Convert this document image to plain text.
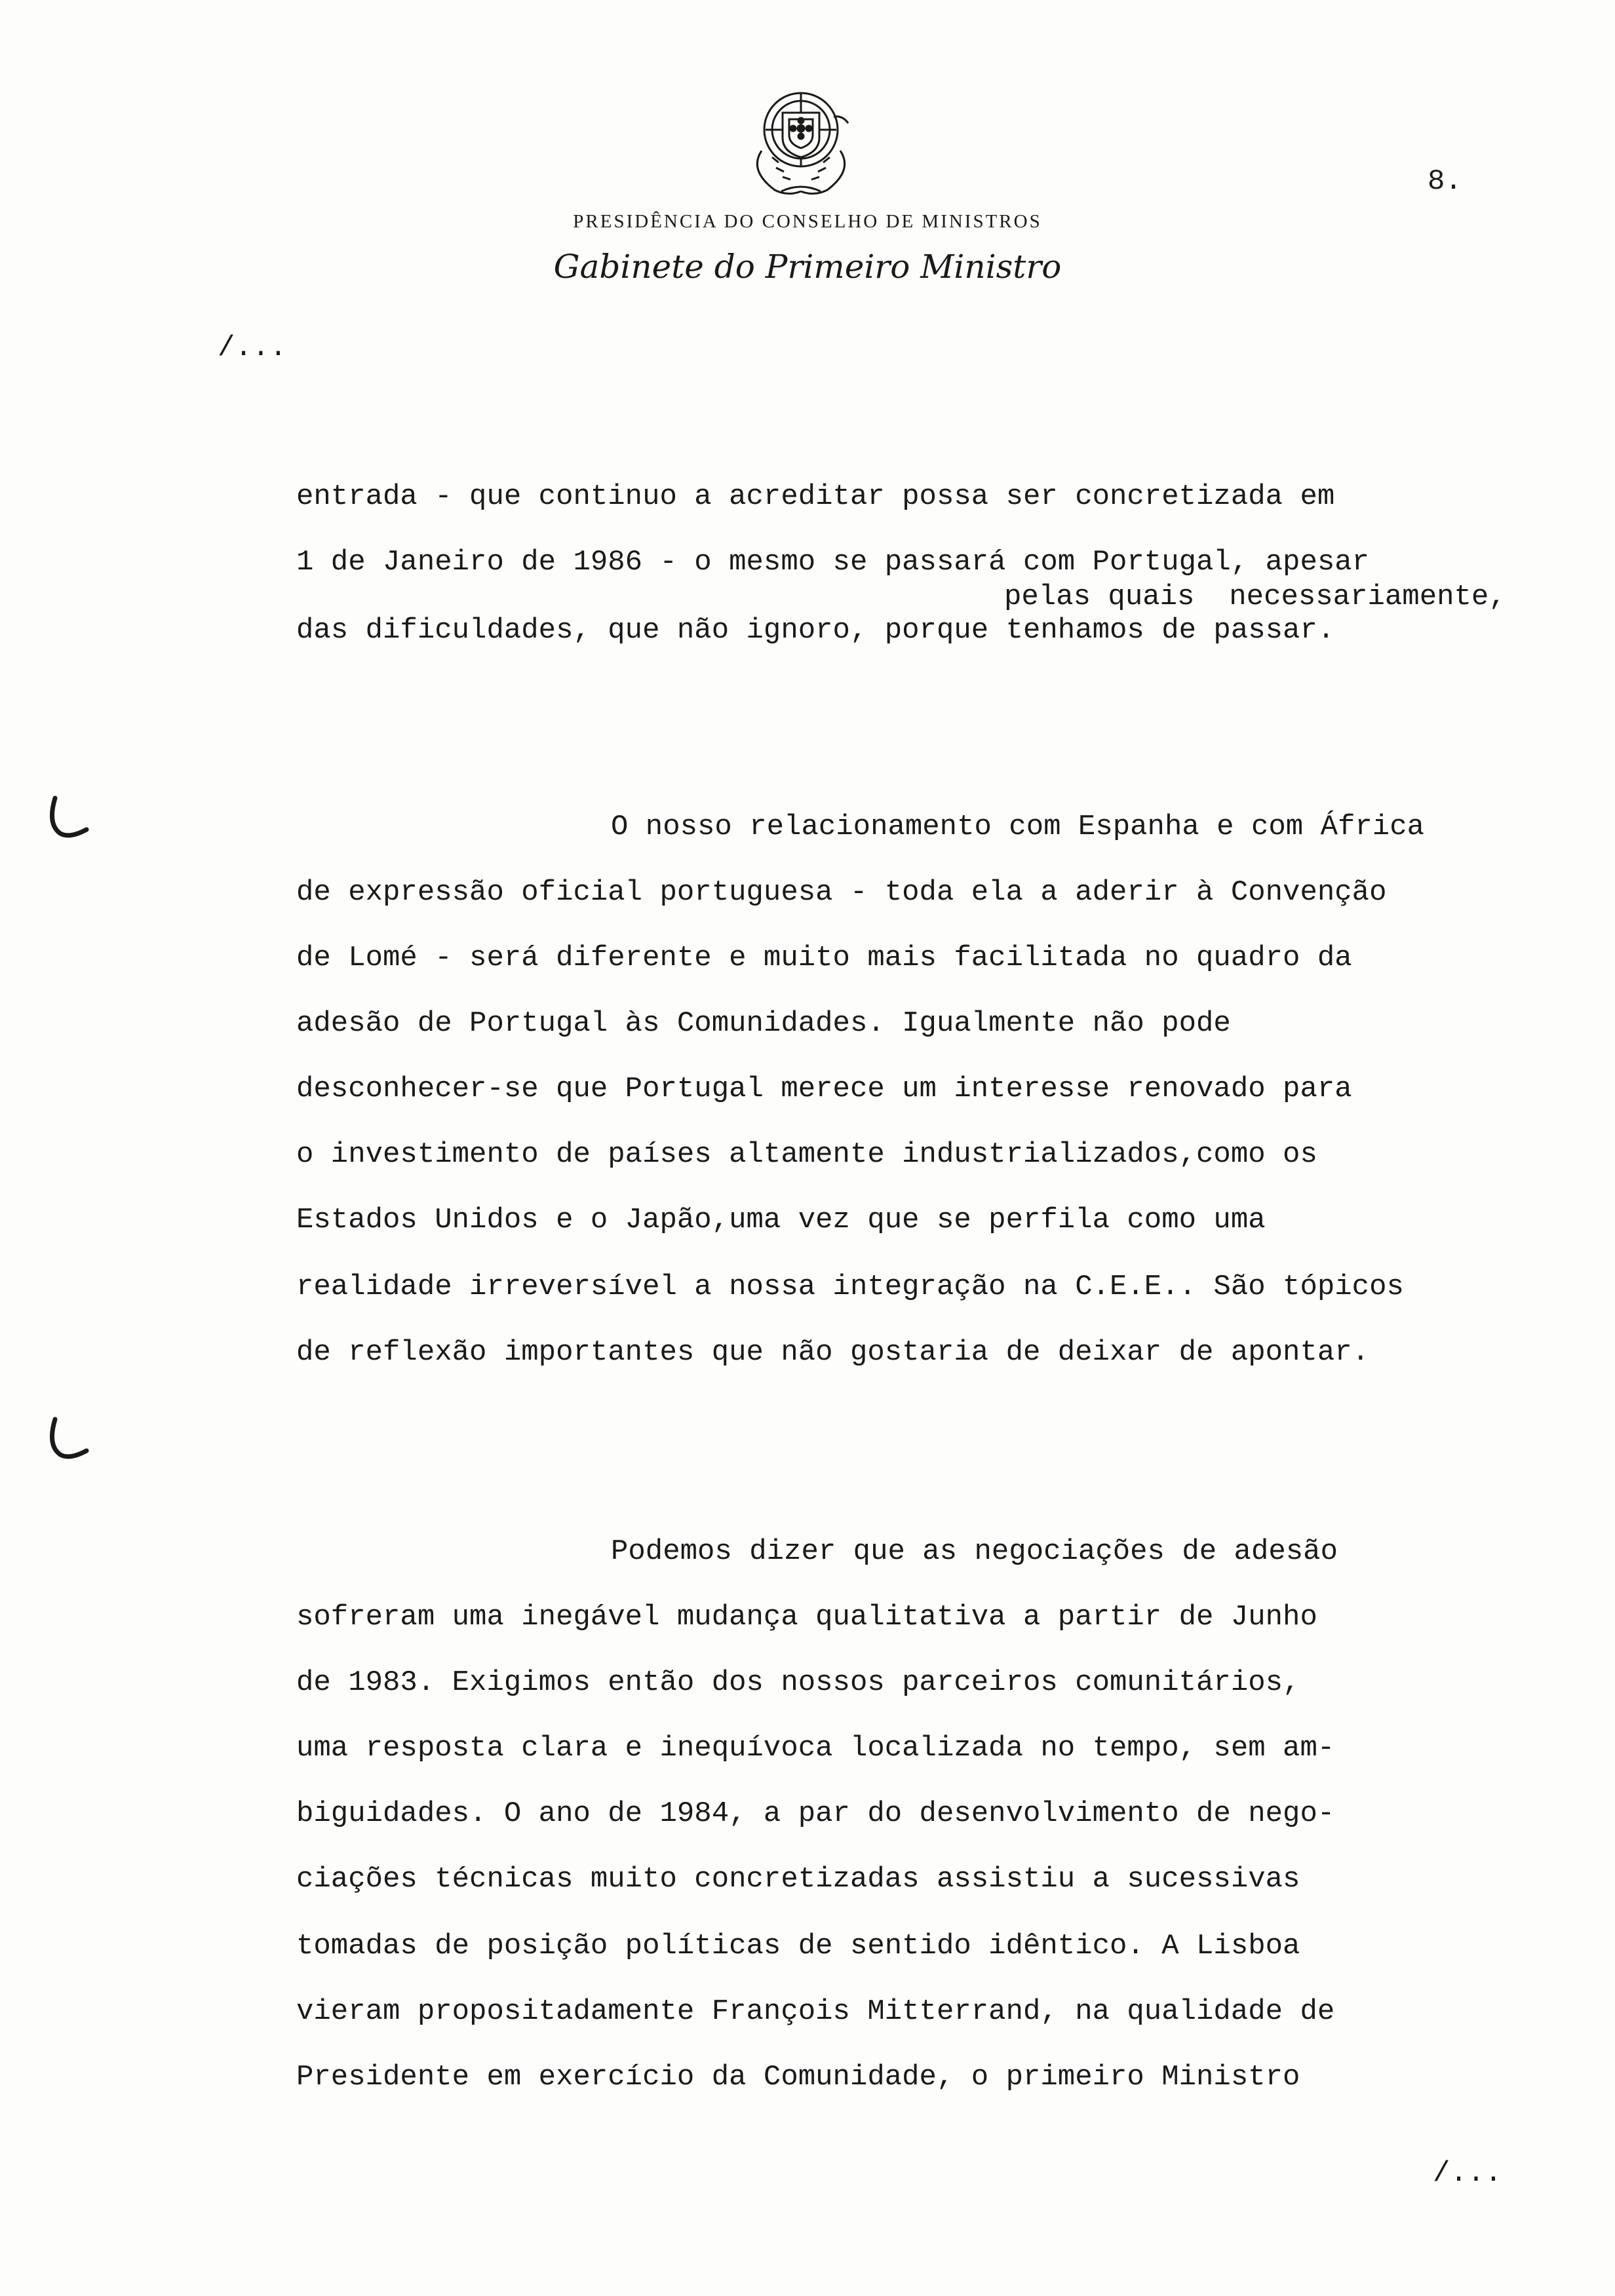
8.
PRESIDÊNCIA DO CONSELHO DE MINISTROS
Gabinete do Primeiro Ministro
/...
entrada - que continuo a acreditar possa ser concretizada em
1 de Janeiro de 1986 - o mesmo se passará com Portugal, apesar
pelas quais  necessariamente,
das dificuldades, que não ignoro, porque tenhamos de passar.
O nosso relacionamento com Espanha e com África
de expressão oficial portuguesa - toda ela a aderir à Convenção
de Lomé - será diferente e muito mais facilitada no quadro da
adesão de Portugal às Comunidades. Igualmente não pode
desconhecer-se que Portugal merece um interesse renovado para
o investimento de países altamente industrializados,como os
Estados Unidos e o Japão,uma vez que se perfila como uma
realidade irreversível a nossa integração na C.E.E.. São tópicos
de reflexão importantes que não gostaria de deixar de apontar.
Podemos dizer que as negociações de adesão
sofreram uma inegável mudança qualitativa a partir de Junho
de 1983. Exigimos então dos nossos parceiros comunitários,
uma resposta clara e inequívoca localizada no tempo, sem am-
biguidades. O ano de 1984, a par do desenvolvimento de nego-
ciações técnicas muito concretizadas assistiu a sucessivas
tomadas de posição políticas de sentido idêntico. A Lisboa
vieram propositadamente François Mitterrand, na qualidade de
Presidente em exercício da Comunidade, o primeiro Ministro
/...
